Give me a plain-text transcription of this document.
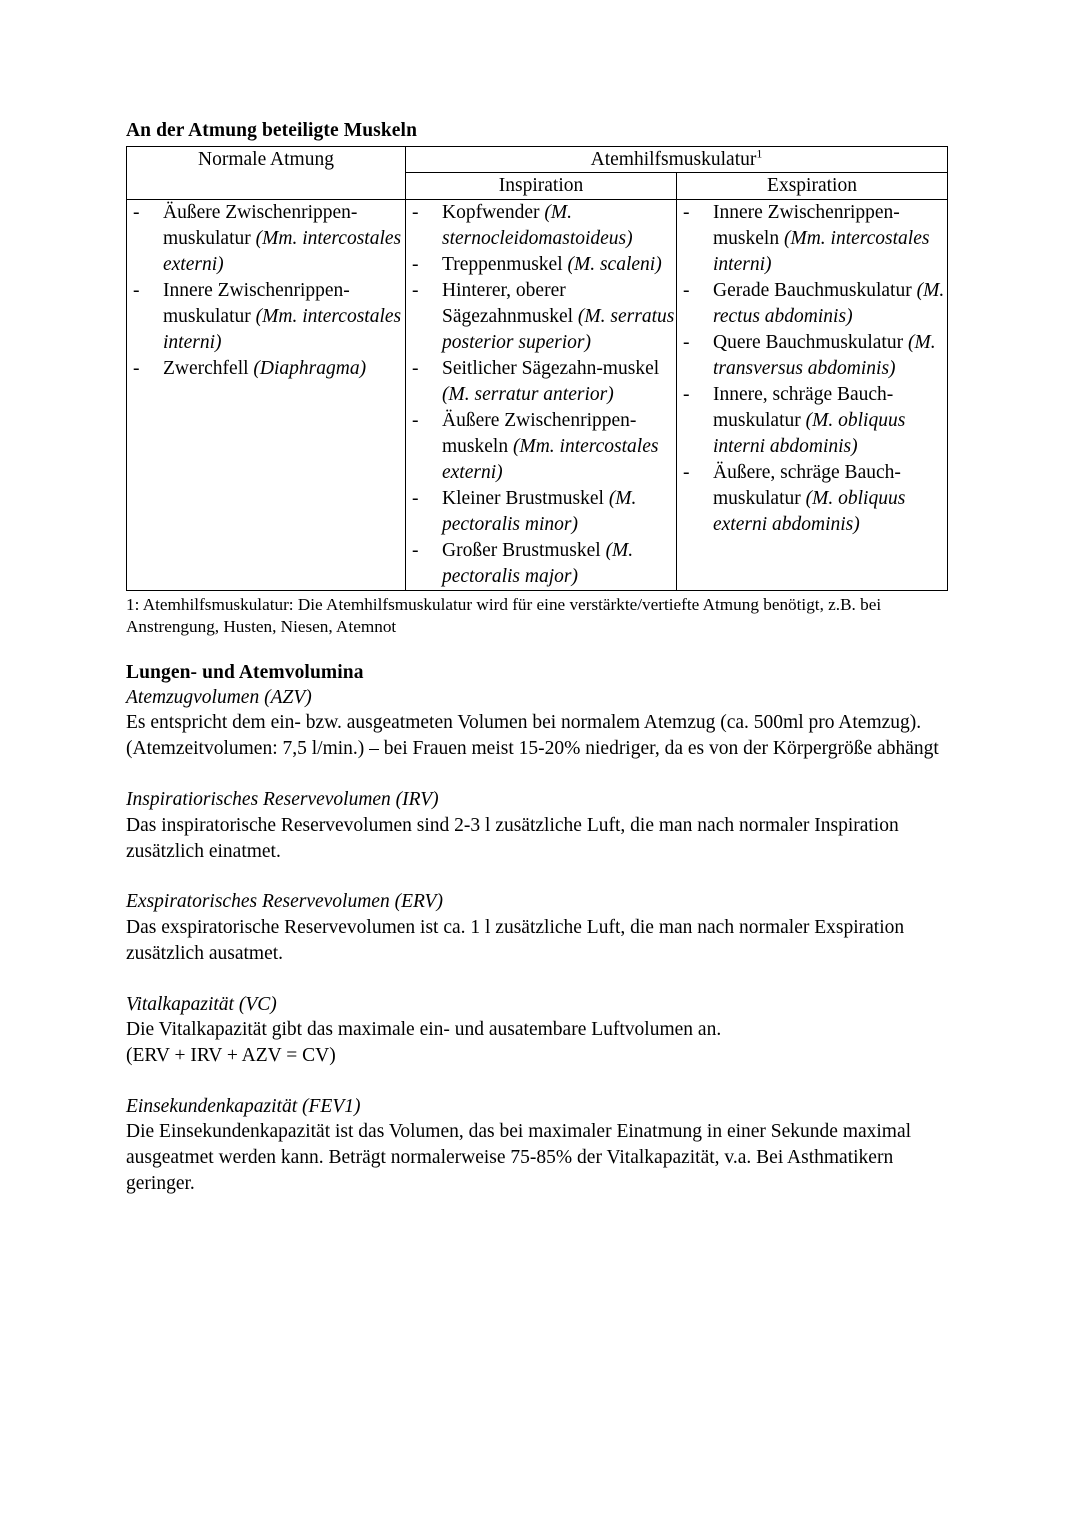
An der Atmung beteiligte Muskeln
Normale Atmung	Atemhilfsmuskulatur$^1$
	Inspiration	Exspiration

- Äußere Zwischenrippen-muskulatur (Mm. intercostales externi)
- Innere Zwischenrippen-muskulatur (Mm. intercostales interni)
- Zwerchfell (Diaphragma)

- Kopfwender (M. sternocleidomastoideus)
- Treppenmuskel (M. scaleni)
- Hinterer, oberer Sägezahnmuskel (M. serratus posterior superior)
- Seitlicher Sägezahn-muskel (M. serratur anterior)
- Äußere Zwischenrippen-muskeln (Mm. intercostales externi)
- Kleiner Brustmuskel (M. pectoralis minor)
- Großer Brustmuskel (M. pectoralis major)

- Innere Zwischenrippen-muskeln (Mm. intercostales interni)
- Gerade Bauchmuskulatur (M. rectus abdominis)
- Quere Bauchmuskulatur (M. transversus abdominis)
- Innere, schräge Bauch-muskulatur (M. obliquus interni abdominis)
- Äußere, schräge Bauch-muskulatur (M. obliquus externi abdominis)

1: Atemhilfsmuskulatur: Die Atemhilfsmuskulatur wird für eine verstärkte/vertiefte Atmung benötigt, z.B. bei Anstrengung, Husten, Niesen, Atemnot

Lungen- und Atemvolumina

Atemzugvolumen (AZV)

Es entspricht dem ein- bzw. ausgeatmeten Volumen bei normalem Atemzug (ca. 500ml pro Atemzug).

(Atemzeitvolumen: 7,5 l/min.) – bei Frauen meist 15-20% niedriger, da es von der Körpergröße abhängt

Inspiratiorisches Reservevolumen (IRV)

Das inspiratorische Reservevolumen sind 2-3 l zusätzliche Luft, die man nach normaler Inspiration zusätzlich einatmet.

Exspiratorisches Reservevolumen (ERV)

Das exspiratorische Reservevolumen ist ca. 1 l zusätzliche Luft, die man nach normaler Exspiration zusätzlich ausatmet.

Vitalkapazität (VC)

Die Vitalkapazität gibt das maximale ein- und ausatembare Luftvolumen an.

(ERV + IRV + AZV = CV)

Einsekundenkapazität (FEV1)

Die Einsekundenkapazität ist das Volumen, das bei maximaler Einatmung in einer Sekunde maximal ausgeatmet werden kann. Beträgt normalerweise 75-85% der Vitalkapazität, v.a. Bei Asthmatikern geringer.
